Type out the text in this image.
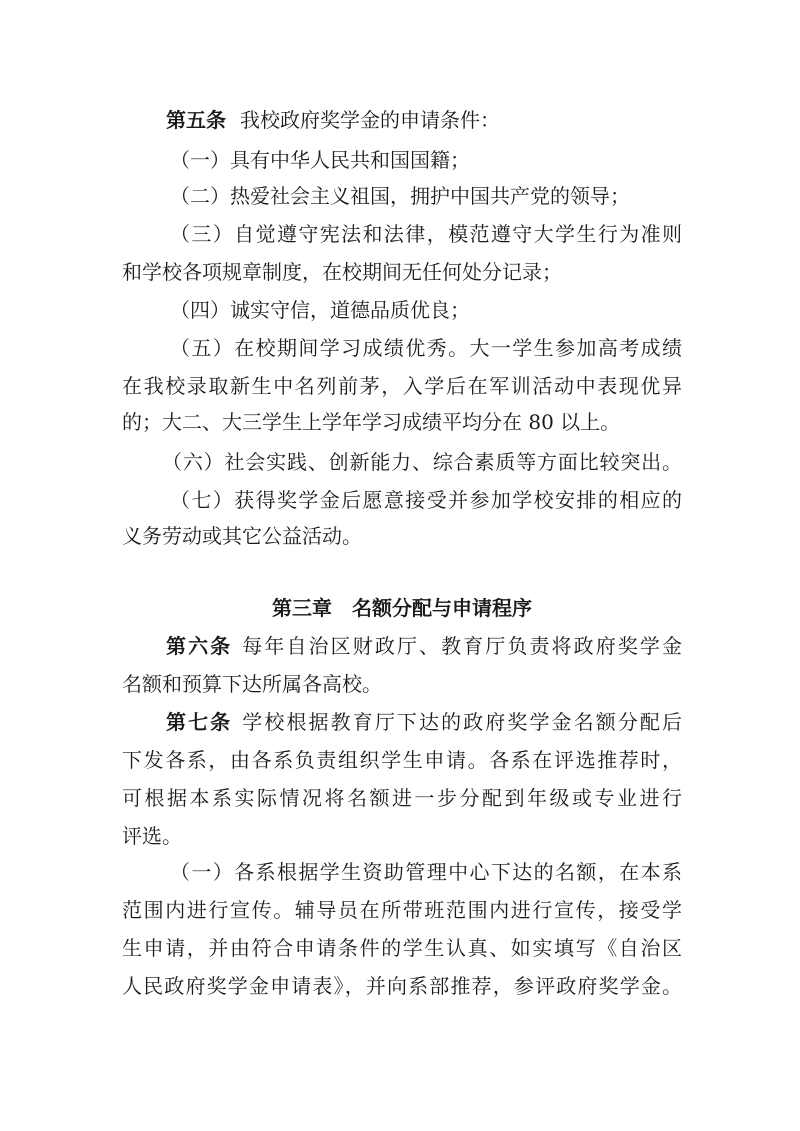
第五条 我校政府奖学金的申请条件：
（一）具有中华人民共和国国籍；
（二）热爱社会主义祖国，拥护中国共产党的领导；
（三）自觉遵守宪法和法律，模范遵守大学生行为准则
和学校各项规章制度，在校期间无任何处分记录；
（四）诚实守信，道德品质优良；
（五）在校期间学习成绩优秀。大一学生参加高考成绩
在我校录取新生中名列前茅，入学后在军训活动中表现优异
的；大二、大三学生上学年学习成绩平均分在 80 以上。
（六）社会实践、创新能力、综合素质等方面比较突出。
（七）获得奖学金后愿意接受并参加学校安排的相应的
义务劳动或其它公益活动。
第三章　名额分配与申请程序
第六条 每年自治区财政厅、教育厅负责将政府奖学金
名额和预算下达所属各高校。
第七条 学校根据教育厅下达的政府奖学金名额分配后
下发各系，由各系负责组织学生申请。各系在评选推荐时，
可根据本系实际情况将名额进一步分配到年级或专业进行
评选。
（一）各系根据学生资助管理中心下达的名额，在本系
范围内进行宣传。辅导员在所带班范围内进行宣传，接受学
生申请，并由符合申请条件的学生认真、如实填写《自治区
人民政府奖学金申请表》，并向系部推荐，参评政府奖学金。
